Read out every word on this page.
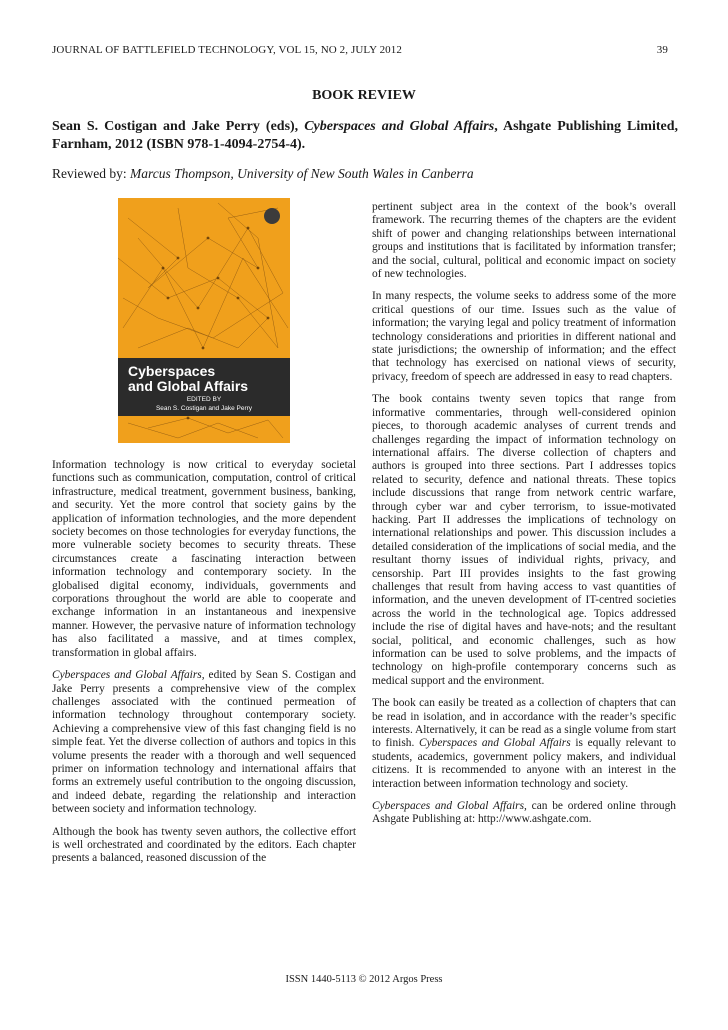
JOURNAL OF BATTLEFIELD TECHNOLOGY, VOL 15, NO 2, JULY 2012	39
BOOK REVIEW
Sean S. Costigan and Jake Perry (eds), Cyberspaces and Global Affairs, Ashgate Publishing Limited, Farnham, 2012 (ISBN 978-1-4094-2754-4).
Reviewed by: Marcus Thompson, University of New South Wales in Canberra
Cyberspaces
and Global Affairs
EDITED BY
Sean S. Costigan and Jake Perry

Information technology is now critical to everyday societal functions such as communication, computation, control of critical infrastructure, medical treatment, government business, banking, and security. Yet the more control that society gains by the application of information technologies, and the more dependent society becomes on those technologies for everyday functions, the more vulnerable society becomes to security threats. These circumstances create a fascinating interaction between information technology and contemporary society. In the globalised digital economy, individuals, governments and corporations throughout the world are able to cooperate and exchange information in an instantaneous and inexpensive manner. However, the pervasive nature of information technology has also facilitated a massive, and at times complex, transformation in global affairs.

Cyberspaces and Global Affairs, edited by Sean S. Costigan and Jake Perry presents a comprehensive view of the complex challenges associated with the continued permeation of information technology throughout contemporary society. Achieving a comprehensive view of this fast changing field is no simple feat. Yet the diverse collection of authors and topics in this volume presents the reader with a thorough and well sequenced primer on information technology and international affairs that forms an extremely useful contribution to the ongoing discussion, and indeed debate, regarding the relationship and interaction between society and information technology.

Although the book has twenty seven authors, the collective effort is well orchestrated and coordinated by the editors. Each chapter presents a balanced, reasoned discussion of the

pertinent subject area in the context of the book’s overall framework. The recurring themes of the chapters are the evident shift of power and changing relationships between international groups and institutions that is facilitated by information transfer; and the social, cultural, political and economic impact on society of new technologies.

In many respects, the volume seeks to address some of the more critical questions of our time. Issues such as the value of information; the varying legal and policy treatment of information technology considerations and priorities in different national and state jurisdictions; the ownership of information; and the effect that technology has exercised on national views of security, privacy, freedom of speech are addressed in easy to read chapters.

The book contains twenty seven topics that range from informative commentaries, through well-considered opinion pieces, to thorough academic analyses of current trends and challenges regarding the impact of information technology on international affairs. The diverse collection of chapters and authors is grouped into three sections. Part I addresses topics related to security, defence and national threats. These topics include discussions that range from network centric warfare, through cyber war and cyber terrorism, to issue-motivated hacking. Part II addresses the implications of technology on international relationships and power. This discussion includes a detailed consideration of the implications of social media, and the resultant thorny issues of individual rights, privacy, and censorship. Part III provides insights to the fast growing challenges that result from having access to vast quantities of information, and the uneven development of IT-centred societies across the world in the technological age. Topics addressed include the rise of digital haves and have-nots; and the resultant social, political, and economic challenges, such as how information can be used to solve problems, and the impacts of technology on high-profile contemporary concerns such as medical support and the environment.

The book can easily be treated as a collection of chapters that can be read in isolation, and in accordance with the reader’s specific interests. Alternatively, it can be read as a single volume from start to finish. Cyberspaces and Global Affairs is equally relevant to students, academics, government policy makers, and individual citizens. It is recommended to anyone with an interest in the interaction between information technology and society.

Cyberspaces and Global Affairs, can be ordered online through Ashgate Publishing at: http://www.ashgate.com.

ISSN 1440-5113 © 2012 Argos Press
